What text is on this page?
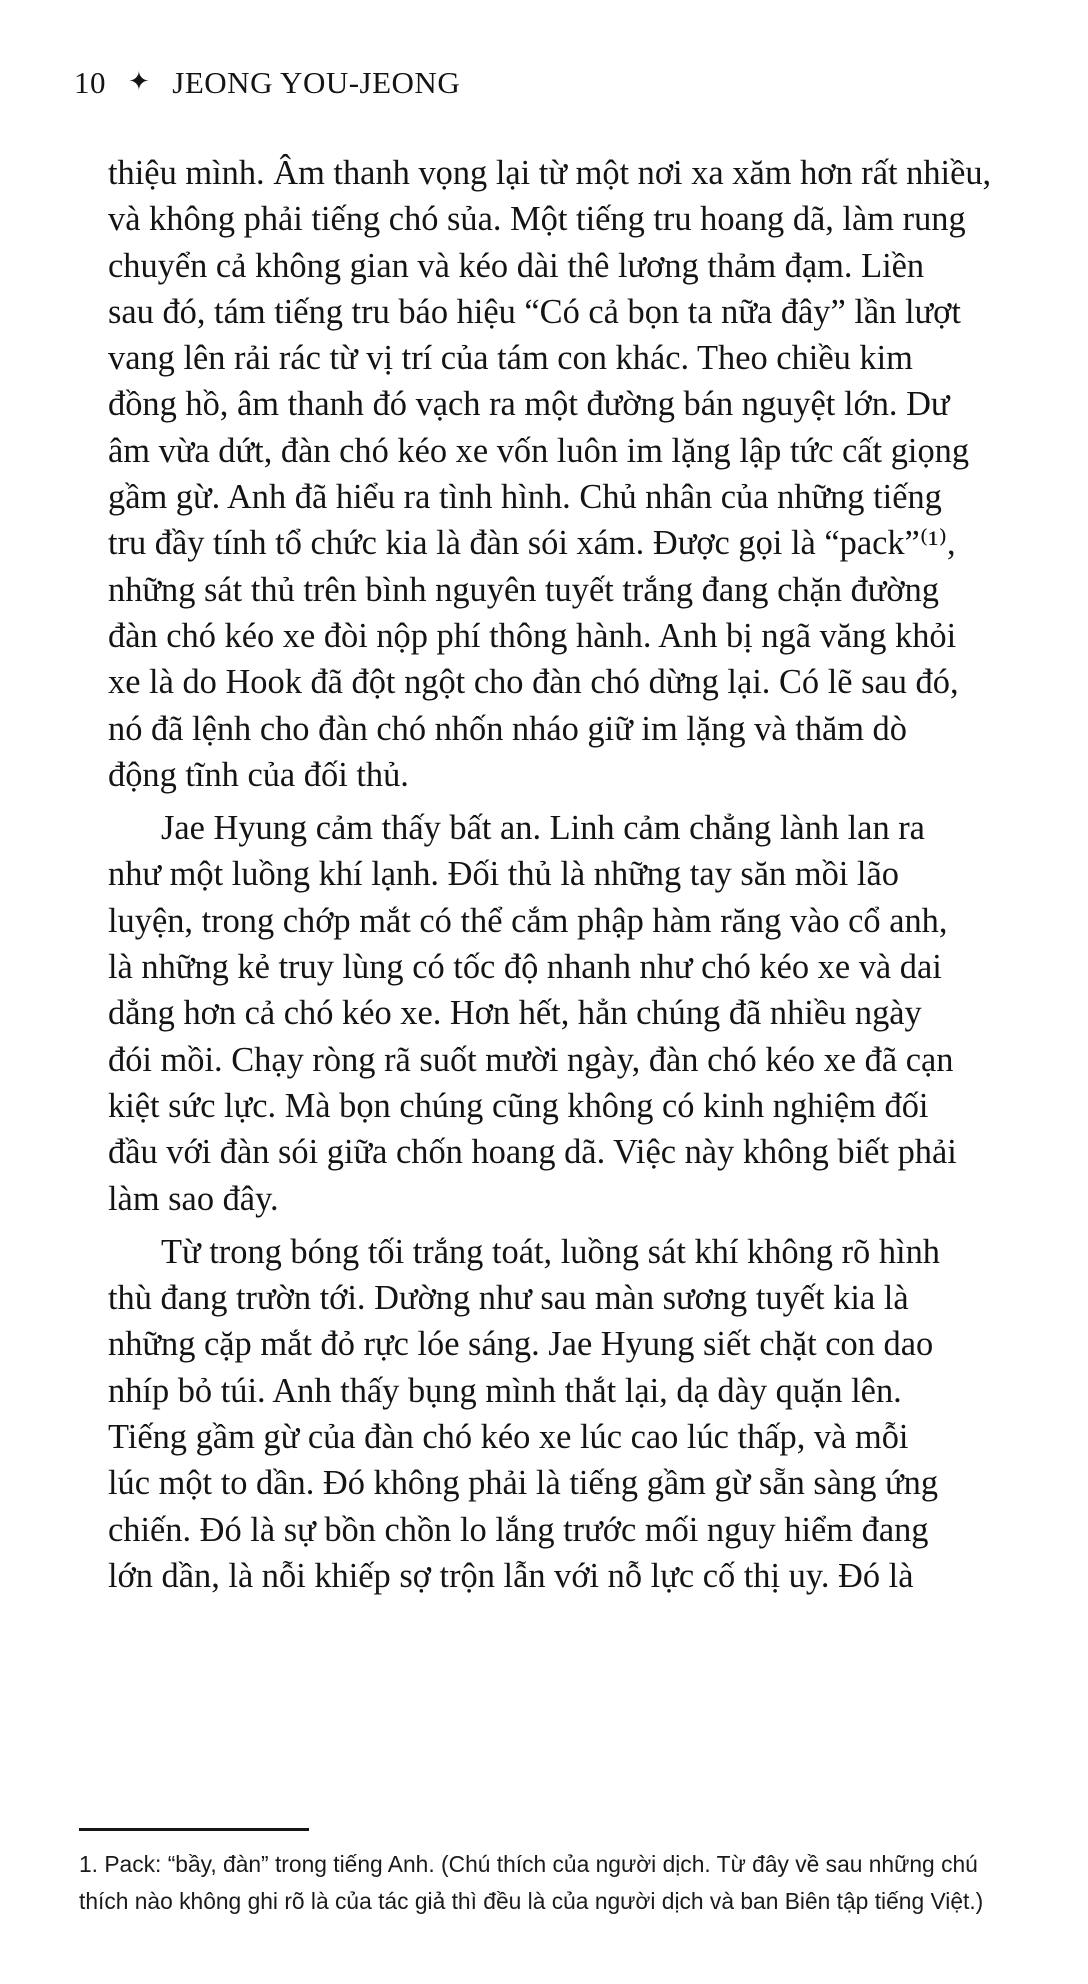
10 ✦ JEONG YOU-JEONG
thiệu mình. Âm thanh vọng lại từ một nơi xa xăm hơn rất nhiều,
và không phải tiếng chó sủa. Một tiếng tru hoang dã, làm rung
chuyển cả không gian và kéo dài thê lương thảm đạm. Liền
sau đó, tám tiếng tru báo hiệu “Có cả bọn ta nữa đây” lần lượt
vang lên rải rác từ vị trí của tám con khác. Theo chiều kim
đồng hồ, âm thanh đó vạch ra một đường bán nguyệt lớn. Dư
âm vừa dứt, đàn chó kéo xe vốn luôn im lặng lập tức cất giọng
gầm gừ. Anh đã hiểu ra tình hình. Chủ nhân của những tiếng
tru đầy tính tổ chức kia là đàn sói xám. Được gọi là “pack”⁽¹⁾,
những sát thủ trên bình nguyên tuyết trắng đang chặn đường
đàn chó kéo xe đòi nộp phí thông hành. Anh bị ngã văng khỏi
xe là do Hook đã đột ngột cho đàn chó dừng lại. Có lẽ sau đó,
nó đã lệnh cho đàn chó nhốn nháo giữ im lặng và thăm dò
động tĩnh của đối thủ.
Jae Hyung cảm thấy bất an. Linh cảm chẳng lành lan ra
như một luồng khí lạnh. Đối thủ là những tay săn mồi lão
luyện, trong chớp mắt có thể cắm phập hàm răng vào cổ anh,
là những kẻ truy lùng có tốc độ nhanh như chó kéo xe và dai
dẳng hơn cả chó kéo xe. Hơn hết, hẳn chúng đã nhiều ngày
đói mồi. Chạy ròng rã suốt mười ngày, đàn chó kéo xe đã cạn
kiệt sức lực. Mà bọn chúng cũng không có kinh nghiệm đối
đầu với đàn sói giữa chốn hoang dã. Việc này không biết phải
làm sao đây.
Từ trong bóng tối trắng toát, luồng sát khí không rõ hình
thù đang trườn tới. Dường như sau màn sương tuyết kia là
những cặp mắt đỏ rực lóe sáng. Jae Hyung siết chặt con dao
nhíp bỏ túi. Anh thấy bụng mình thắt lại, dạ dày quặn lên.
Tiếng gầm gừ của đàn chó kéo xe lúc cao lúc thấp, và mỗi
lúc một to dần. Đó không phải là tiếng gầm gừ sẵn sàng ứng
chiến. Đó là sự bồn chồn lo lắng trước mối nguy hiểm đang
lớn dần, là nỗi khiếp sợ trộn lẫn với nỗ lực cố thị uy. Đó là
1. Pack: “bầy, đàn” trong tiếng Anh. (Chú thích của người dịch. Từ đây về sau những chú
thích nào không ghi rõ là của tác giả thì đều là của người dịch và ban Biên tập tiếng Việt.)
